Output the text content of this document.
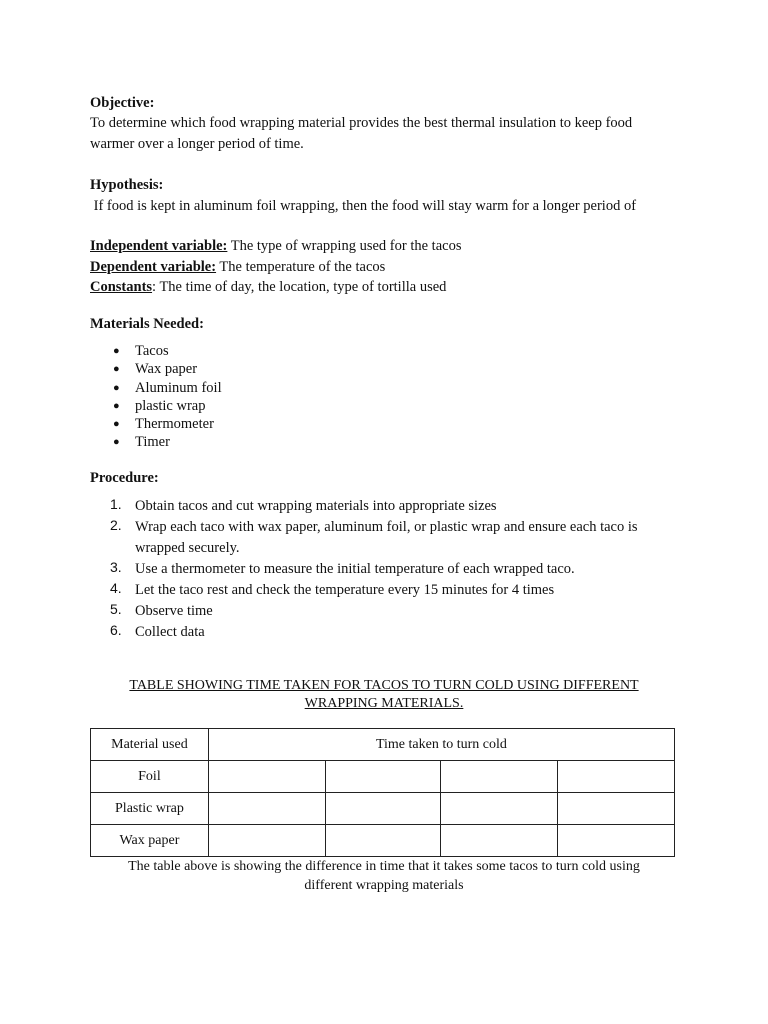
Objective:
To determine which food wrapping material provides the best thermal insulation to keep food
warmer over a longer period of time.
Hypothesis:
If food is kept in aluminum foil wrapping, then the food will stay warm for a longer period of
Independent variable: The type of wrapping used for the tacos
Dependent variable: The temperature of the tacos
Constants: The time of day, the location, type of tortilla used
Materials Needed:
●	Tacos
●	Wax paper
●	Aluminum foil
●	plastic wrap
●	Thermometer
●	Timer
Procedure:
1. Obtain tacos and cut wrapping materials into appropriate sizes
2. Wrap each taco with wax paper, aluminum foil, or plastic wrap and ensure each taco is wrapped securely.
3. Use a thermometer to measure the initial temperature of each wrapped taco.
4. Let the taco rest and check the temperature every 15 minutes for 4 times
5. Observe time
6. Collect data
TABLE SHOWING TIME TAKEN FOR TACOS TO TURN COLD USING DIFFERENT
WRAPPING MATERIALS.
Material used	Time taken to turn cold			
Foil				
Plastic wrap				
Wax paper				
The table above is showing the difference in time that it takes some tacos to turn cold using
different wrapping materials
